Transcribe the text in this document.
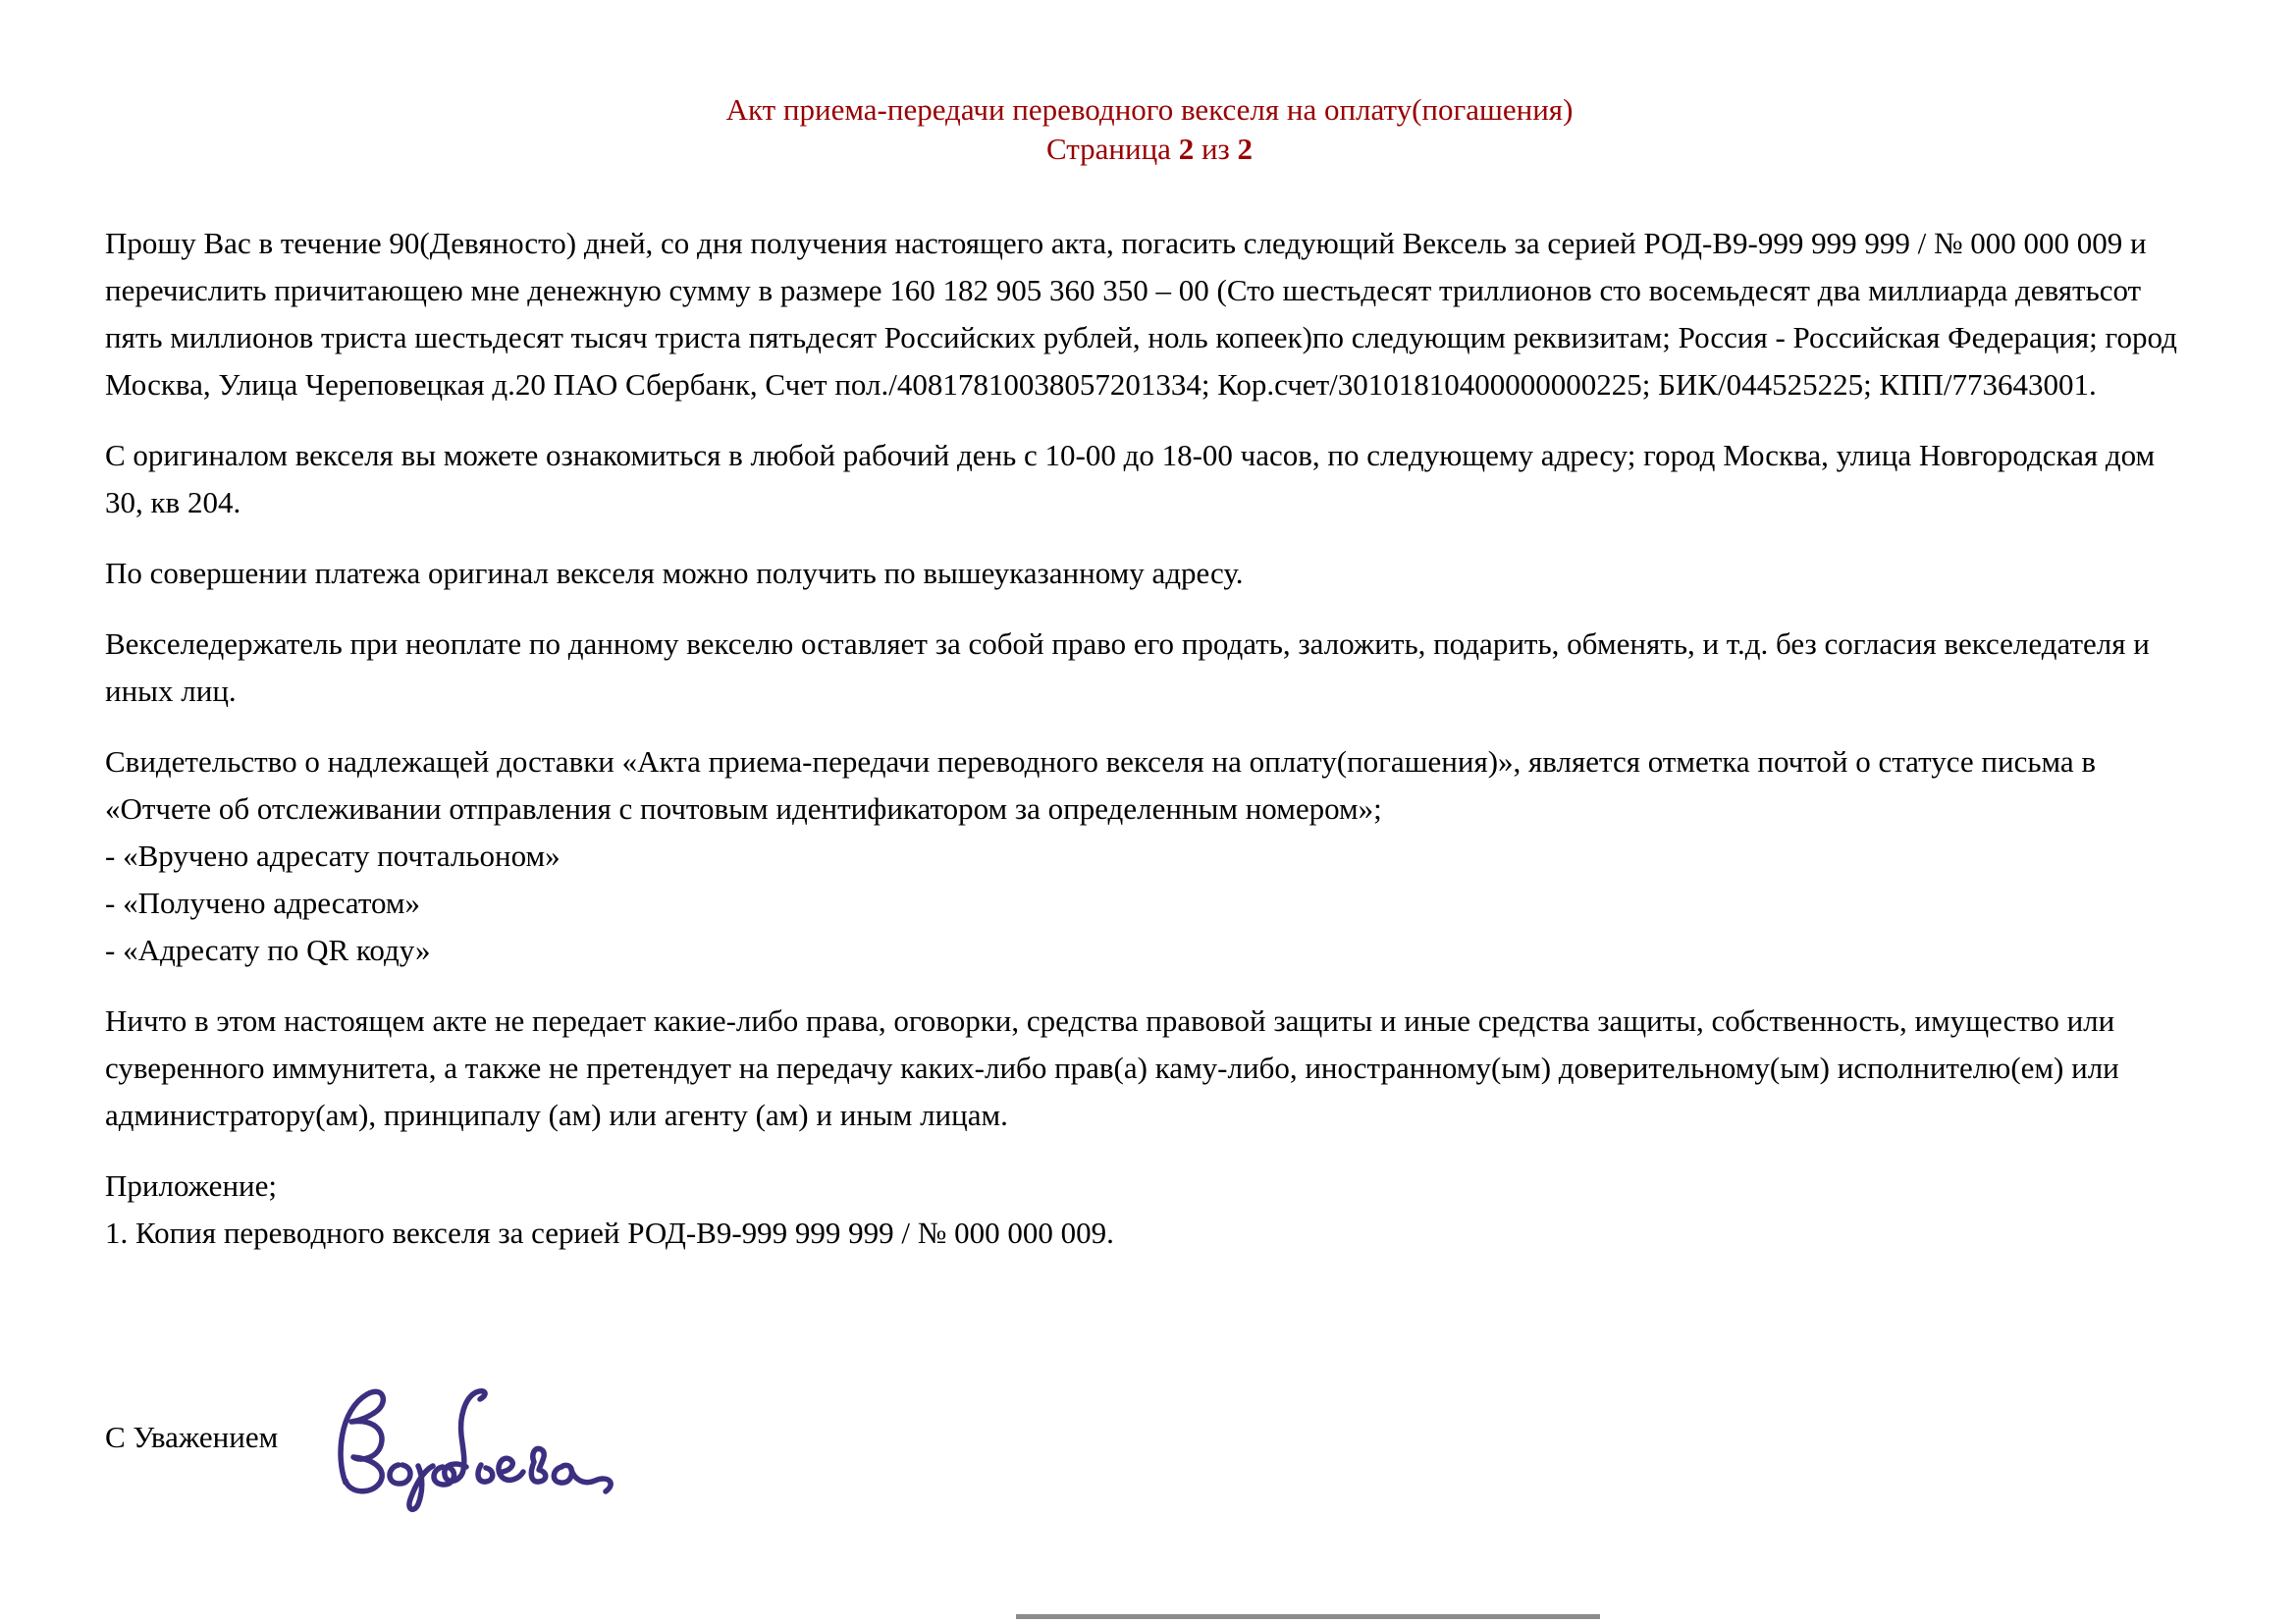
Акт приема-передачи переводного векселя на оплату(погашения)
Страница 2 из 2

Прошу Вас в течение 90(Девяносто) дней, со дня получения настоящего акта, погасить следующий Вексель за серией РОД-В9-999 999 999 / № 000 000 009 и перечислить причитающею мне денежную сумму в размере 160 182 905 360 350 – 00 (Сто шестьдесят триллионов сто восемьдесят два миллиарда девятьсот пять миллионов триста шестьдесят тысяч триста пятьдесят Российских рублей, ноль копеек)по следующим реквизитам; Россия - Российская Федерация; город Москва, Улица Череповецкая д.20 ПАО Сбербанк, Счет пол./40817810038057201334; Кор.счет/30101810400000000225; БИК/044525225; КПП/773643001.

С оригиналом векселя вы можете ознакомиться в любой рабочий день с 10-00 до 18-00 часов, по следующему адресу; город Москва, улица Новгородская дом 30, кв 204.

По совершении платежа оригинал векселя можно получить по вышеуказанному адресу.

Векселедержатель при неоплате по данному векселю оставляет за собой право его продать, заложить, подарить, обменять, и т.д. без согласия векселедателя и иных лиц.

Свидетельство о надлежащей доставки «Акта приема-передачи переводного векселя на оплату(погашения)», является отметка почтой о статусе письма в «Отчете об отслеживании отправления с почтовым идентификатором за определенным номером»;

- «Вручено адресату почтальоном»
- «Получено адресатом»
- «Адресату по QR коду»

Ничто в этом настоящем акте не передает какие-либо права, оговорки, средства правовой защиты и иные средства защиты, собственность, имущество или суверенного иммунитета, а также не претендует на передачу каких-либо прав(а) каму-либо, иностранному(ым) доверительному(ым) исполнителю(ем) или администратору(ам), принципалу (ам) или агенту (ам) и иным лицам.

Приложение;
1. Копия переводного векселя за серией РОД-В9-999 999 999 / № 000 000 009.
С Уважением
